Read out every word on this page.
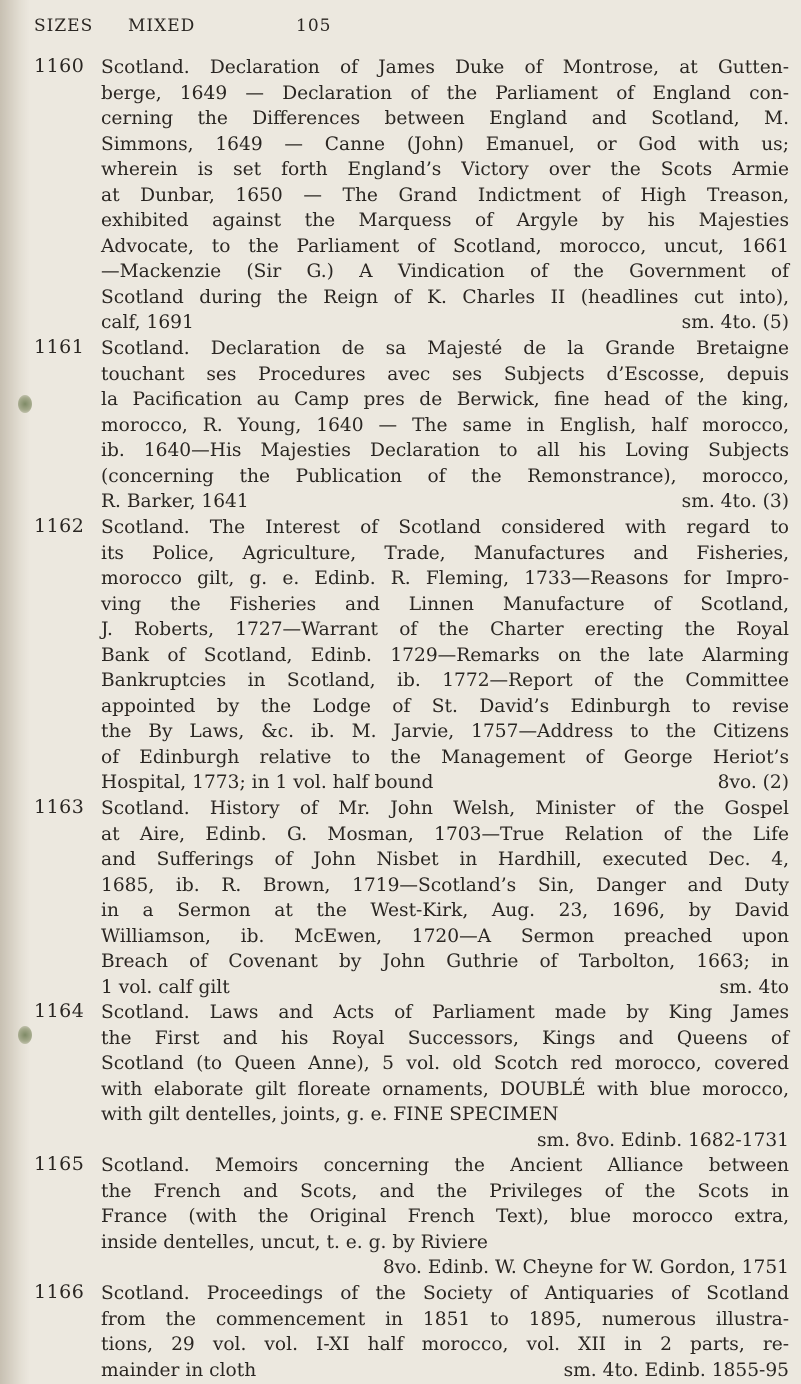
SIZES MIXED	105
1160 Scotland. Declaration of James Duke of Montrose, at Gutten-
berge, 1649 — Declaration of the Parliament of England con-
cerning the Differences between England and Scotland, M.
Simmons, 1649 — Canne (John) Emanuel, or God with us;
wherein is set forth England’s Victory over the Scots Armie
at Dunbar, 1650 — The Grand Indictment of High Treason,
exhibited against the Marquess of Argyle by his Majesties
Advocate, to the Parliament of Scotland, morocco, uncut, 1661
—Mackenzie (Sir G.) A Vindication of the Government of
Scotland during the Reign of K. Charles II (headlines cut into),
calf, 1691	sm. 4to. (5)
1161 Scotland. Declaration de sa Majesté de la Grande Bretaigne
touchant ses Procedures avec ses Subjects d’Escosse, depuis
la Pacification au Camp pres de Berwick, fine head of the king,
morocco, R. Young, 1640 — The same in English, half morocco,
ib. 1640—His Majesties Declaration to all his Loving Subjects
(concerning the Publication of the Remonstrance), morocco,
R. Barker, 1641	sm. 4to. (3)
1162 Scotland. The Interest of Scotland considered with regard to
its Police, Agriculture, Trade, Manufactures and Fisheries,
morocco gilt, g. e. Edinb. R. Fleming, 1733—Reasons for Impro-
ving the Fisheries and Linnen Manufacture of Scotland,
J. Roberts, 1727—Warrant of the Charter erecting the Royal
Bank of Scotland, Edinb. 1729—Remarks on the late Alarming
Bankruptcies in Scotland, ib. 1772—Report of the Committee
appointed by the Lodge of St. David’s Edinburgh to revise
the By Laws, &c. ib. M. Jarvie, 1757—Address to the Citizens
of Edinburgh relative to the Management of George Heriot’s
Hospital, 1773; in 1 vol. half bound	8vo. (2)
1163 Scotland. History of Mr. John Welsh, Minister of the Gospel
at Aire, Edinb. G. Mosman, 1703—True Relation of the Life
and Sufferings of John Nisbet in Hardhill, executed Dec. 4,
1685, ib. R. Brown, 1719—Scotland’s Sin, Danger and Duty
in a Sermon at the West-Kirk, Aug. 23, 1696, by David
Williamson, ib. McEwen, 1720—A Sermon preached upon
Breach of Covenant by John Guthrie of Tarbolton, 1663; in
1 vol. calf gilt	sm. 4to
1164 Scotland. Laws and Acts of Parliament made by King James
the First and his Royal Successors, Kings and Queens of
Scotland (to Queen Anne), 5 vol. old Scotch red morocco, covered
with elaborate gilt floreate ornaments, DOUBLÉ with blue morocco,
with gilt dentelles, joints, g. e. FINE SPECIMEN
sm. 8vo. Edinb. 1682-1731
1165 Scotland. Memoirs concerning the Ancient Alliance between
the French and Scots, and the Privileges of the Scots in
France (with the Original French Text), blue morocco extra,
inside dentelles, uncut, t. e. g. by Riviere
8vo. Edinb. W. Cheyne for W. Gordon, 1751
1166 Scotland. Proceedings of the Society of Antiquaries of Scotland
from the commencement in 1851 to 1895, numerous illustra-
tions, 29 vol. vol. I-XI half morocco, vol. XII in 2 parts, re-
mainder in cloth	sm. 4to. Edinb. 1855-95
